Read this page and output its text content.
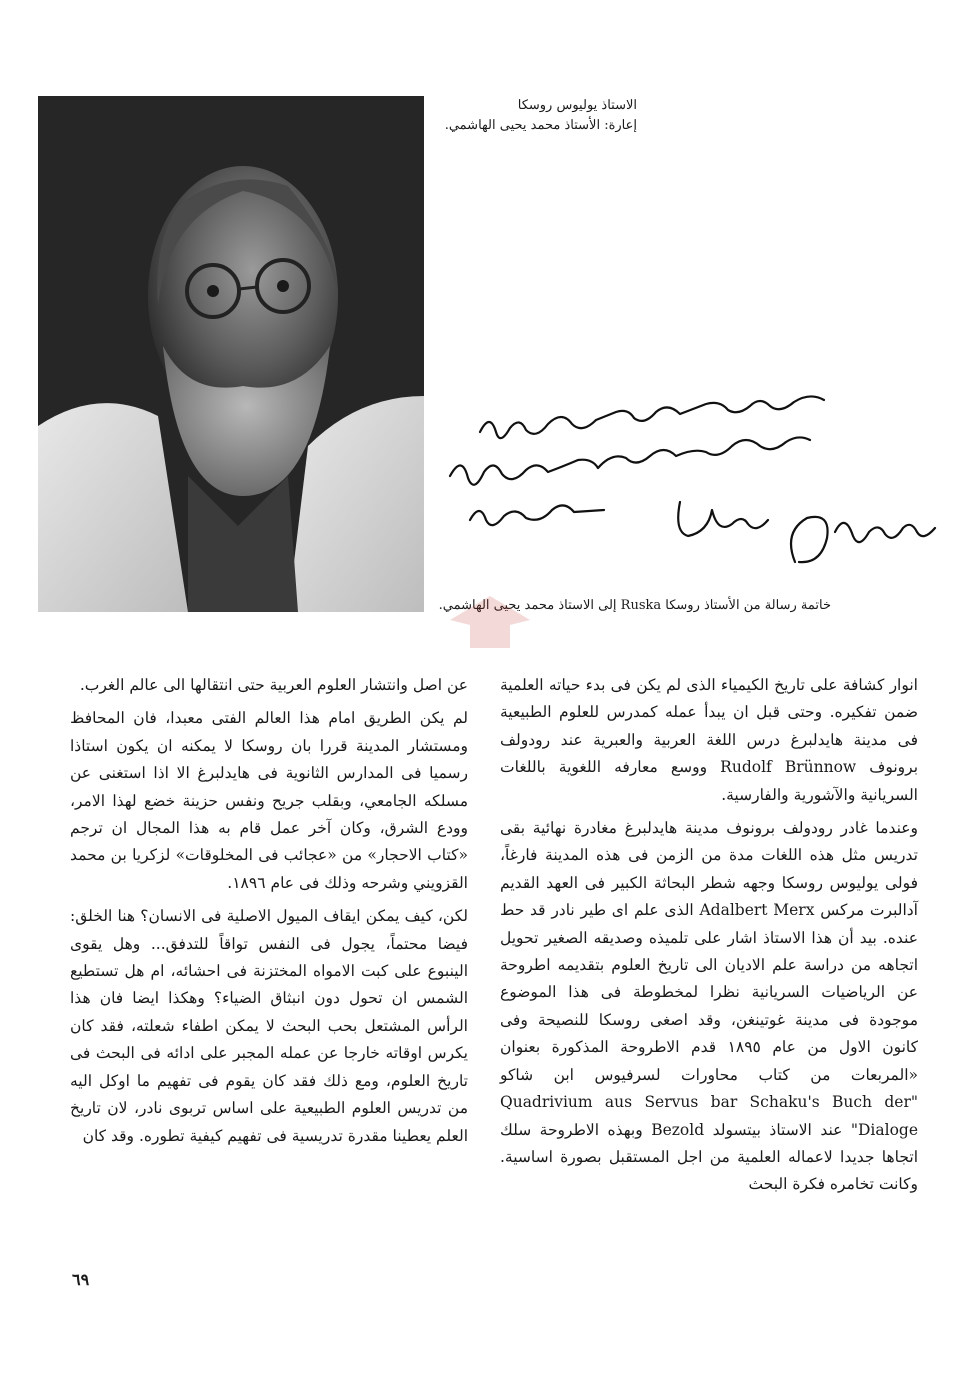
الاستاذ يوليوس روسكا
إعارة: الأستاذ محمد يحيى الهاشمي.
خاتمة رسالة من الأستاذ روسكا Ruska إلى الاستاذ محمد يحيى الهاشمي.

انوار كشافة على تاريخ الكيمياء الذى لم يكن فى بدء حياته العلمية ضمن تفكيره. وحتى قبل ان يبدأ عمله كمدرس للعلوم الطبيعية فى مدينة هايدلبرغ درس اللغة العربية والعبرية عند رودولف برونوف Rudolf Brünnow ووسع معارفه اللغوية باللغات السريانية والآشورية والفارسية.

وعندما غادر رودولف برونوف مدينة هايدلبرغ مغادرة نهائية بقى تدريس مثل هذه اللغات مدة من الزمن فى هذه المدينة فارغاً، فولى يوليوس روسكا وجهه شطر البحاثة الكبير فى العهد القديم آدالبرت مركس Adalbert Merx الذى علم اى طير نادر قد حط عنده. بيد أن هذا الاستاذ اشار على تلميذه وصديقه الصغير تحويل اتجاهه من دراسة علم الاديان الى تاريخ العلوم بتقديمه اطروحة عن الرياضيات السريانية نظرا لمخطوطة فى هذا الموضوع موجودة فى مدينة غوتينغن، وقد اصغى روسكا للنصيحة وفى كانون الاول من عام ١٨٩٥ قدم الاطروحة المذكورة بعنوان «المربعات من كتاب محاورات لسرفيوس ابن شاكو "Quadrivium aus Servus bar Schaku's Buch der Dialoge" عند الاستاذ بيتسولد Bezold وبهذه الاطروحة سلك اتجاها جديدا لاعماله العلمية من اجل المستقبل بصورة اساسية. وكانت تخامره فكرة البحث

عن اصل وانتشار العلوم العربية حتى انتقالها الى عالم الغرب.

لم يكن الطريق امام هذا العالم الفتى معبدا، فان المحافظ ومستشار المدينة قررا بان روسكا لا يمكنه ان يكون استاذا رسميا فى المدارس الثانوية فى هايدلبرغ الا اذا استغنى عن مسلكه الجامعي، وبقلب جريح ونفس حزينة خضع لهذا الامر، وودع الشرق، وكان آخر عمل قام به هذا المجال ان ترجم «كتاب الاحجار» من «عجائب فى المخلوقات» لزكريا بن محمد القزويني وشرحه وذلك فى عام ١٨٩٦.

لكن، كيف يمكن ايقاف الميول الاصلية فى الانسان؟ هنا الخلق: فيضا محتماً، يجول فى النفس تواقاً للتدفق... وهل يقوى الينبوع على كبت الامواه المختزنة فى احشائه، ام هل تستطيع الشمس ان تحول دون انبثاق الضياء؟ وهكذا ايضا فان هذا الرأس المشتعل بحب البحث لا يمكن اطفاء شعلته، فقد كان يكرس اوقاته خارجا عن عمله المجبر على ادائه فى البحث فى تاريخ العلوم، ومع ذلك فقد كان يقوم فى تفهيم ما اوكل اليه من تدريس العلوم الطبيعية على اساس تربوى نادر، لان تاريخ العلم يعطينا مقدرة تدريسية فى تفهيم كيفية تطوره. وقد كان

٦٩
